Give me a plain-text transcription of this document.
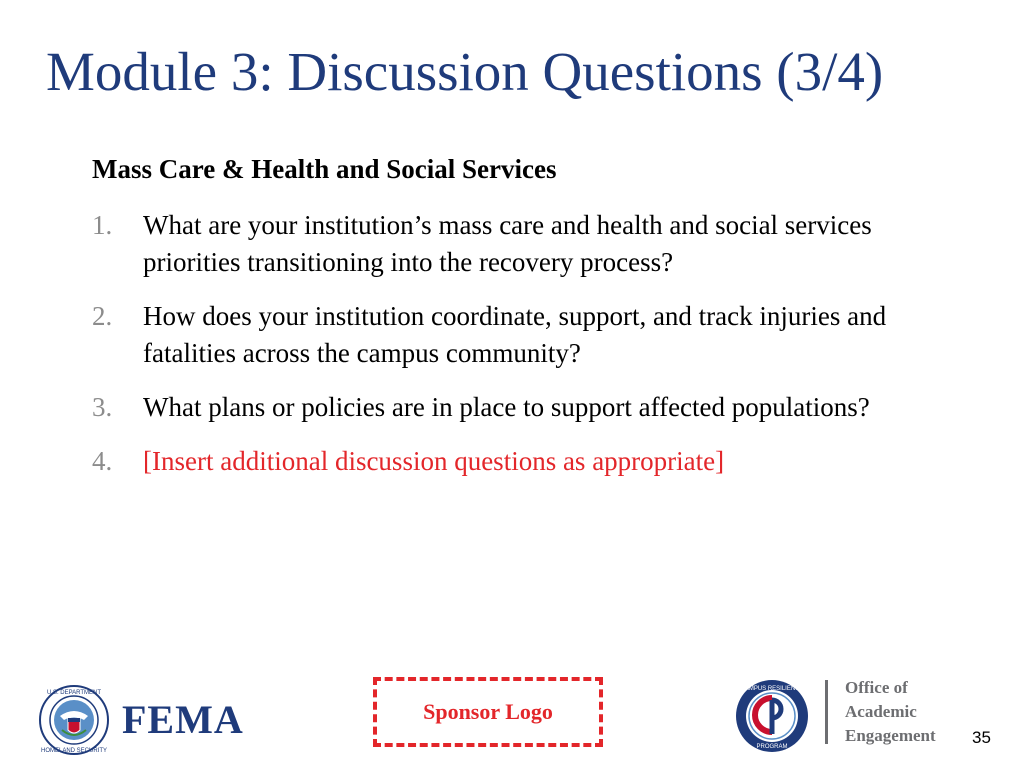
Module 3: Discussion Questions (3/4)
Mass Care & Health and Social Services
1. What are your institution’s mass care and health and social services priorities transitioning into the recovery process?
2. How does your institution coordinate, support, and track injuries and fatalities across the campus community?
3. What plans or policies are in place to support affected populations?
4. [Insert additional discussion questions as appropriate]
U.S. DEPARTMENT
HOMELAND SECURITY
FEMA	Sponsor Logo
CAMPUS RESILIENCE
PROGRAM
Office of
Academic
Engagement 35
